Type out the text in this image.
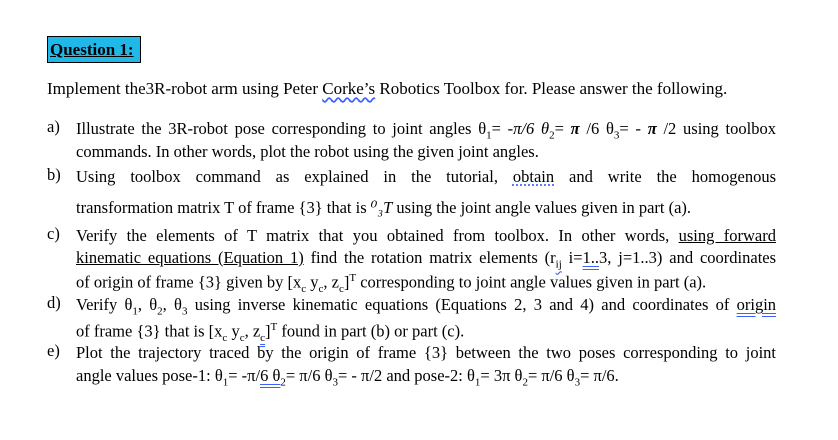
Question 1:
Implement the3R-robot arm using Peter Corke’s Robotics Toolbox for. Please answer the following.
a) Illustrate the 3R-robot pose corresponding to joint angles $\theta_1= -\pi/6$ $\theta_2= \pi$ /6 $\theta_3= - \pi$ /2 using toolbox
commands. In other words, plot the robot using the given joint angles.
b) Using toolbox command as explained in the tutorial, obtain and write the homogenous
transformation matrix T of frame {3} that is ⁰₃T using the joint angle values given in part (a).
c) Verify the elements of T matrix that you obtained from toolbox. In other words, using forward
kinematic equations (Equation 1) find the rotation matrix elements ($r_{ij}$ i=1..3, j=1..3) and coordinates
of origin of frame {3} given by [$x_c$ $y_c$, $z_c]^T$ corresponding to joint angle values given in part (a).
d) Verify $\theta_1$, $\theta_2$, $\theta_3$ using inverse kinematic equations (Equations 2, 3 and 4) and coordinates of origin
of frame {3} that is [$x_c$ $y_c$, $z_c]^T$ found in part (b) or part (c).
e) Plot the trajectory traced by the origin of frame {3} between the two poses corresponding to joint
angle values pose-1: $\theta_1= -\pi/6$ $\theta_2= \pi/6$ $\theta_3= - \pi/2$ and pose-2: $\theta_1= 3\pi$ $\theta_2= \pi/6$ $\theta_3= \pi/6$.
